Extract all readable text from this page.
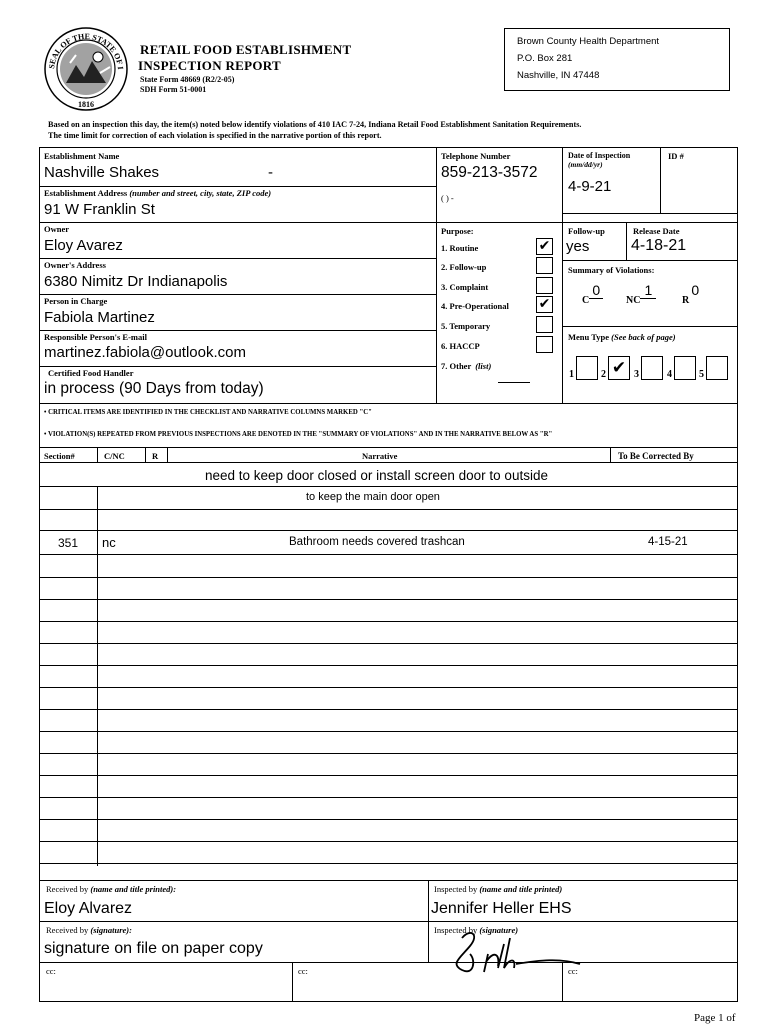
SEAL OF THE STATE OF I
1816
RETAIL FOOD ESTABLISHMENT
INSPECTION REPORT
State Form 48669 (R2/2-05)
SDH Form 51-0001
Brown County Health Department
P.O. Box 281
Nashville, IN 47448
Based on an inspection this day, the item(s) noted below identify violations of 410 IAC 7-24, Indiana Retail Food Establishment Sanitation Requirements.
The time limit for correction of each violation is specified in the narrative portion of this report.
Establishment Name
Nashville Shakes	-
Establishment Address (number and street, city, state, ZIP code)
91 W Franklin St
Owner
Eloy Avarez
Owner's Address
6380 Nimitz Dr Indianapolis
Person in Charge
Fabiola Martinez
Responsible Person's E-mail
martinez.fabiola@outlook.com
Certified Food Handler
in process (90 Days from today)
Telephone Number
859-213-3572
( ) -
Date of Inspection
(mm/dd/yr)
4-9-21
ID #
Purpose:
1. Routine	✔
2. Follow-up
3. Complaint
4. Pre-Operational ✔
5. Temporary
6. HACCP
7. Other (list)
Follow-up
yes
Release Date
4-18-21
Summary of Violations:
C0
NC1
R0
Menu Type (See back of page)
1	2 ✔ 3	4	5
• CRITICAL ITEMS ARE IDENTIFIED IN THE CHECKLIST AND NARRATIVE COLUMNS MARKED "C"
• VIOLATION(S) REPEATED FROM PREVIOUS INSPECTIONS ARE DENOTED IN THE "SUMMARY OF VIOLATIONS" AND IN THE NARRATIVE BELOW AS "R"
Section#	C/NC	R	Narrative	To Be Corrected By
need to keep door closed or install screen door to outside
to keep the main door open
351 nc	Bathroom needs covered trashcan	4-15-21
Received by (name and title printed):
Eloy Alvarez
Inspected by (name and title printed)
Jennifer Heller EHS
Received by (signature):
signature on file on paper copy
Inspected by (signature)
cc:	cc:	cc:
Page 1 of
